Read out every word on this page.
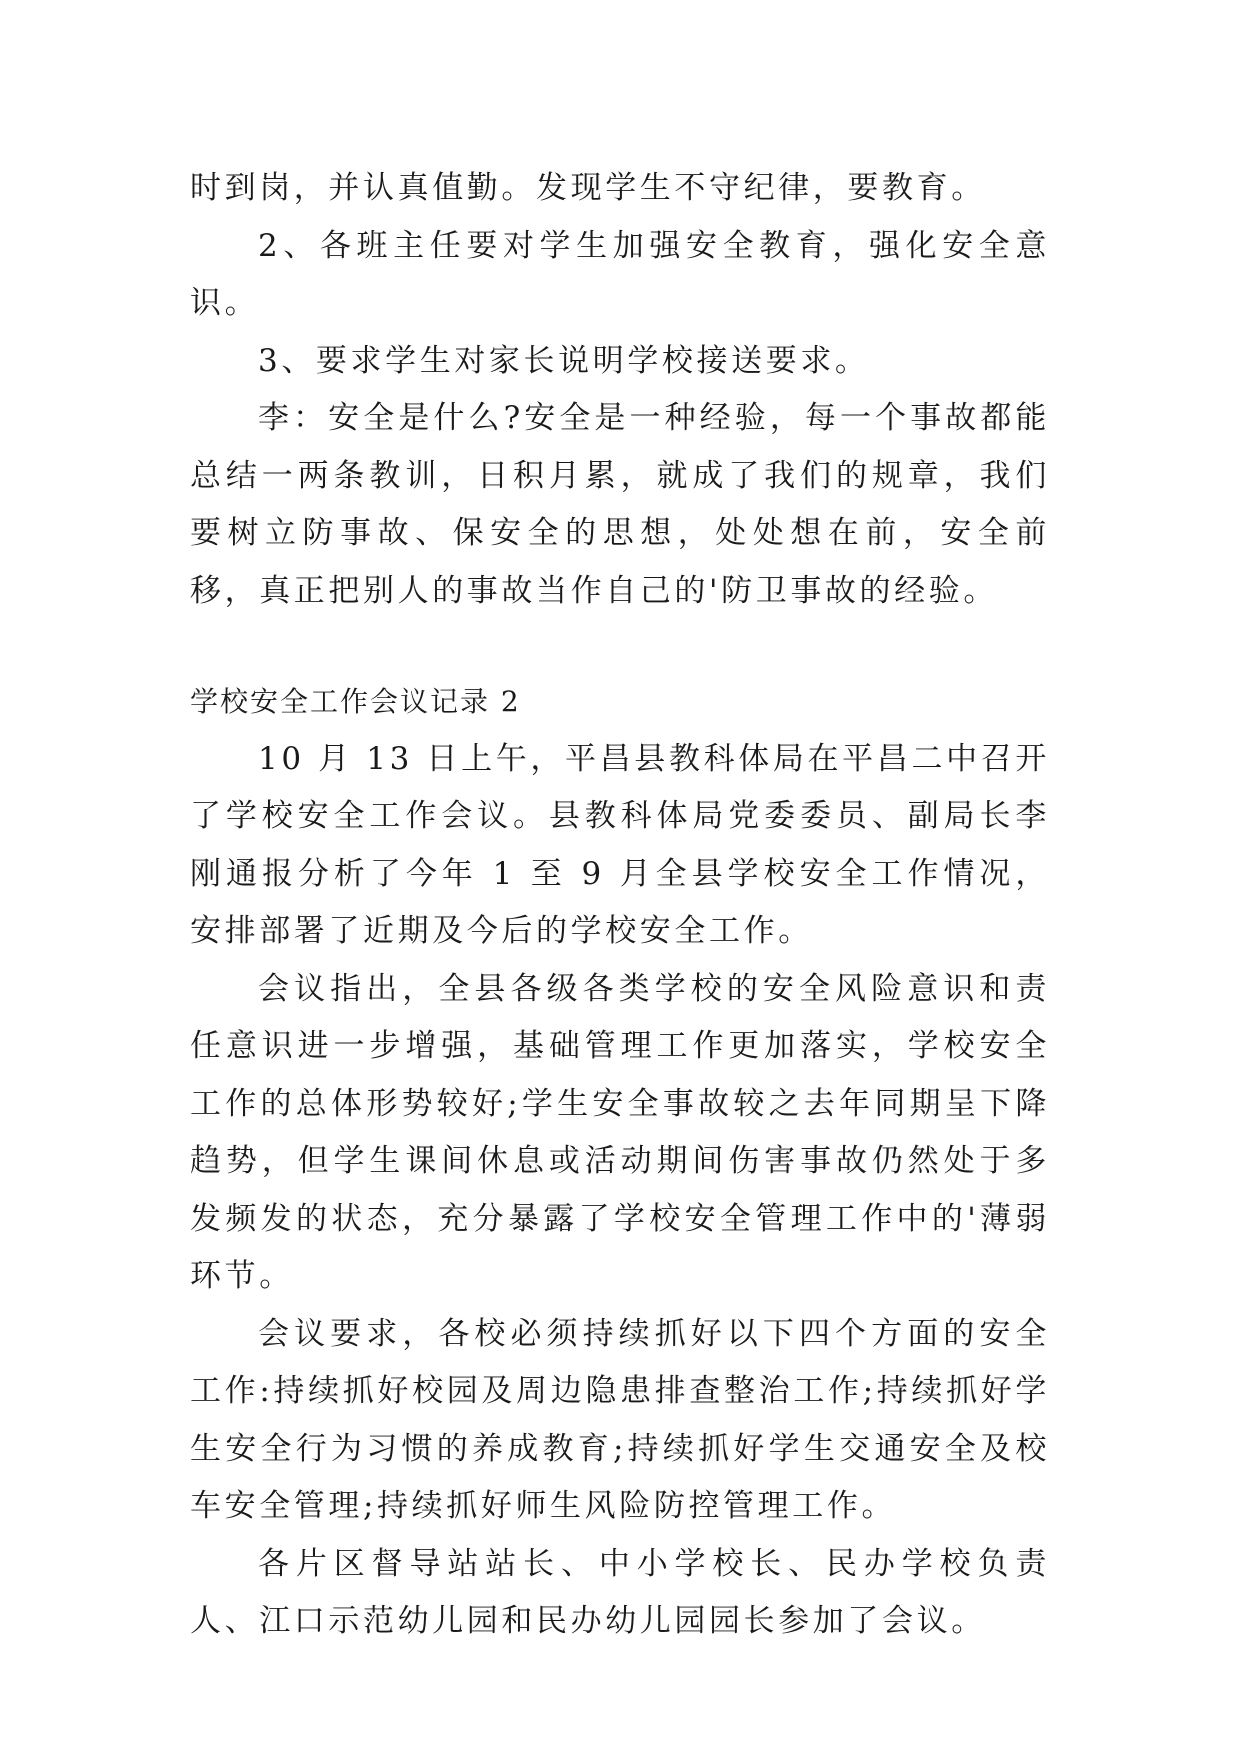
时到岗，并认真值勤。发现学生不守纪律，要教育。

2、各班主任要对学生加强安全教育，强化安全意识。

3、要求学生对家长说明学校接送要求。

李：安全是什么?安全是一种经验，每一个事故都能总结一两条教训，日积月累，就成了我们的规章，我们要树立防事故、保安全的思想，处处想在前，安全前移，真正把别人的事故当作自己的'防卫事故的经验。

学校安全工作会议记录 2

10 月 13 日上午，平昌县教科体局在平昌二中召开了学校安全工作会议。县教科体局党委委员、副局长李刚通报分析了今年 1 至 9 月全县学校安全工作情况，安排部署了近期及今后的学校安全工作。

会议指出，全县各级各类学校的安全风险意识和责任意识进一步增强，基础管理工作更加落实，学校安全工作的总体形势较好;学生安全事故较之去年同期呈下降趋势，但学生课间休息或活动期间伤害事故仍然处于多发频发的状态，充分暴露了学校安全管理工作中的'薄弱环节。

会议要求，各校必须持续抓好以下四个方面的安全工作:持续抓好校园及周边隐患排查整治工作;持续抓好学生安全行为习惯的养成教育;持续抓好学生交通安全及校车安全管理;持续抓好师生风险防控管理工作。

各片区督导站站长、中小学校长、民办学校负责人、江口示范幼儿园和民办幼儿园园长参加了会议。
